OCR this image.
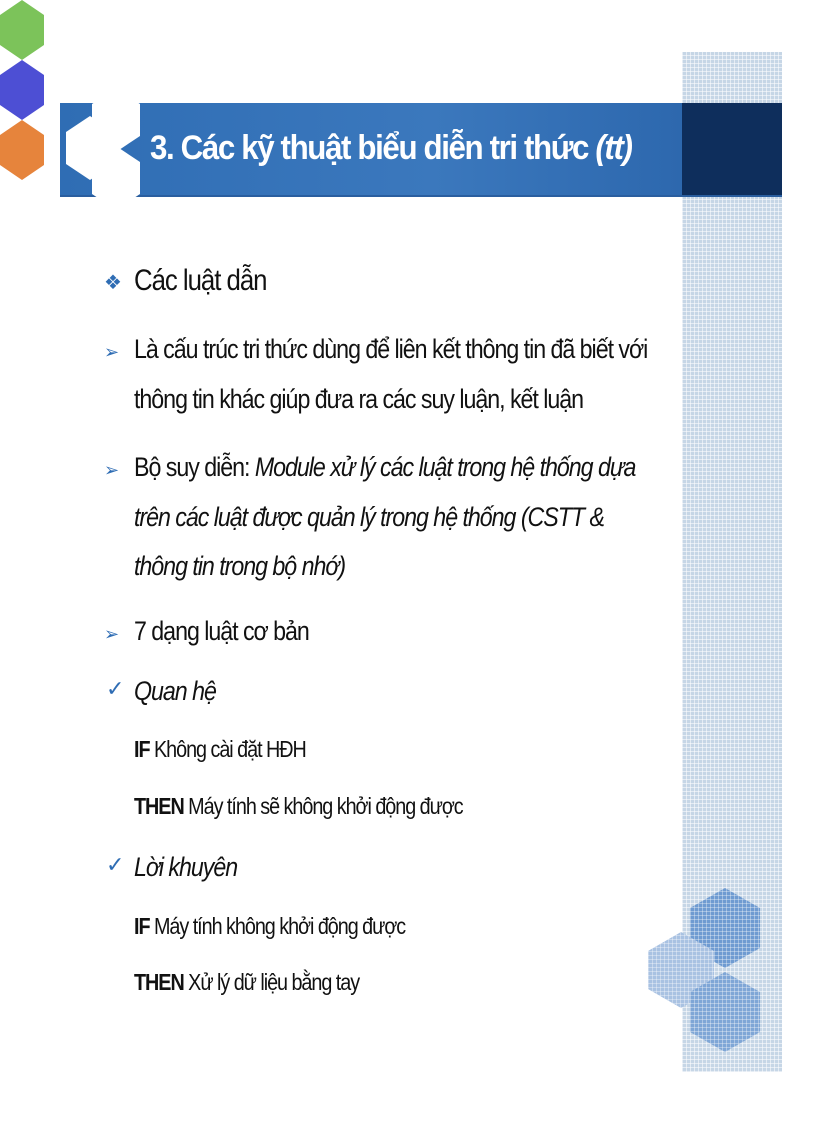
3. Các kỹ thuật biểu diễn tri thức (tt)
❖ Các luật dẫn
➢ Là cấu trúc tri thức dùng để liên kết thông tin đã biết với
thông tin khác giúp đưa ra các suy luận, kết luận
➢ Bộ suy diễn: Module xử lý các luật trong hệ thống dựa
trên các luật được quản lý trong hệ thống (CSTT &
thông tin trong bộ nhớ)
➢ 7 dạng luật cơ bản
✓ Quan hệ
IF Không cài đặt HĐH
THEN Máy tính sẽ không khởi động được
✓ Lời khuyên
IF Máy tính không khởi động được
THEN Xử lý dữ liệu bằng tay
